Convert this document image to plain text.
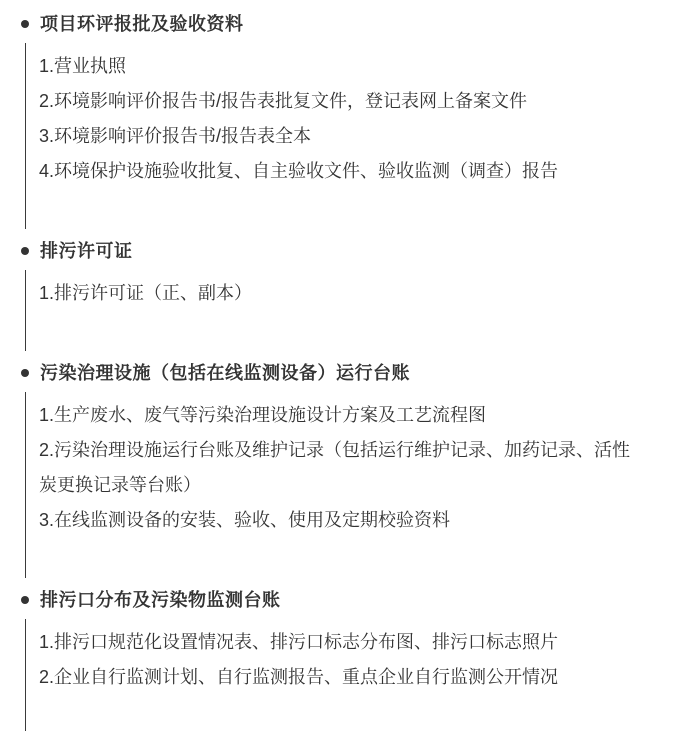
项目环评报批及验收资料

1.营业执照

2.环境影响评价报告书/报告表批复文件，登记表网上备案文件

3.环境影响评价报告书/报告表全本

4.环境保护设施验收批复、自主验收文件、验收监测（调查）报告

排污许可证

1.排污许可证（正、副本）

污染治理设施（包括在线监测设备）运行台账

1.生产废水、废气等污染治理设施设计方案及工艺流程图

2.污染治理设施运行台账及维护记录（包括运行维护记录、加药记录、活性炭更换记录等台账）

3.在线监测设备的安装、验收、使用及定期校验资料

排污口分布及污染物监测台账

1.排污口规范化设置情况表、排污口标志分布图、排污口标志照片

2.企业自行监测计划、自行监测报告、重点企业自行监测公开情况
